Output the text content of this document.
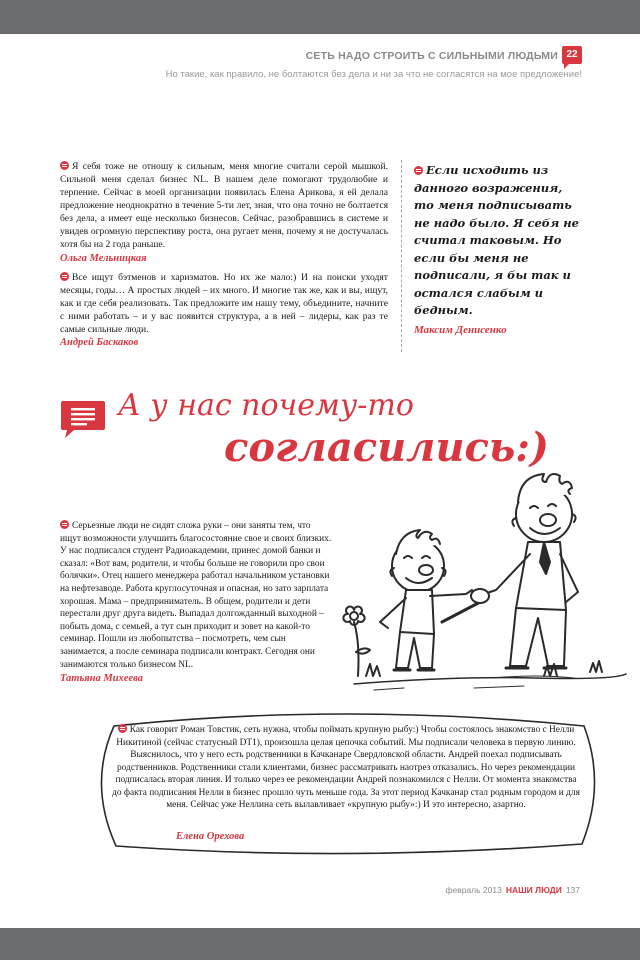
СЕТЬ НАДО СТРОИТЬ С СИЛЬНЫМИ ЛЮДЬМИ 22
Но такие, как правило, не болтаются без дела и ни за что не согласятся на мое предложение!

Я себя тоже не отношу к сильным, меня многие считали серой мышкой. Сильной меня сделал бизнес NL. В нашем деле помогают трудолюбие и терпение. Сейчас в моей организации появилась Елена Арикова, я ей делала предложение неоднократно в течение 5-ти лет, зная, что она точно не болтается без дела, а имеет еще несколько бизнесов. Сейчас, разобравшись в системе и увидев огромную перспективу роста, она ругает меня, почему я не достучалась хотя бы на 2 года раньше.

Ольга Мельницкая

Все ищут бэтменов и харизматов. Но их же мало:) И на поиски уходят месяцы, годы… А простых людей – их много. И многие так же, как и вы, ищут, как и где себя реализовать. Так предложите им нашу тему, объедините, начните с ними работать – и у вас появится структура, а в ней – лидеры, как раз те самые сильные люди.

Андрей Баскаков

Если исходить из данного возражения, то меня подписывать не надо было. Я себя не считал таковым. Но если бы меня не подписали, я бы так и остался слабым и бедным.

Максим Денисенко
А у нас почему-то
согласились:)

Серьезные люди не сидят сложа руки – они заняты тем, что ищут возможности улучшить благосостояние свое и своих близких. У нас подписался студент Радиоакадемии, принес домой банки и сказал: «Вот вам, родители, и чтобы больше не говорили про свои болячки». Отец нашего менеджера работал начальником установки на нефтезаводе. Работа круглосуточная и опасная, но зато зарплата хорошая. Мама – предприниматель. В общем, родители и дети перестали друг друга видеть. Выпадал долгожданный выходной – побыть дома, с семьей, а тут сын приходит и зовет на какой-то семинар. Пошли из любопытства – посмотреть, чем сын занимается, а после семинара подписали контракт. Сегодня они занимаются только бизнесом NL.

Татьяна Михеева

Как говорит Роман Товстик, сеть нужна, чтобы поймать крупную рыбу:) Чтобы состоялось знакомство с Нелли Никитиной (сейчас статусный DT1), произошла целая цепочка событий. Мы подписали человека в первую линию. Выяснилось, что у него есть родственники в Качканаре Свердловской области. Андрей поехал подписывать родственников. Родственники стали клиентами, бизнес рассматривать наотрез отказались. Но через рекомендации подписалась вторая линия. И только через ее рекомендации Андрей познакомился с Нелли. От момента знакомства до факта подписания Нелли в бизнес прошло чуть меньше года. За этот период Качканар стал родным городом и для меня. Сейчас уже Неллина сеть вылавливает «крупную рыбу»:) И это интересно, азартно.

Елена Орехова
февраль 2013 НАШИ ЛЮДИ 137
